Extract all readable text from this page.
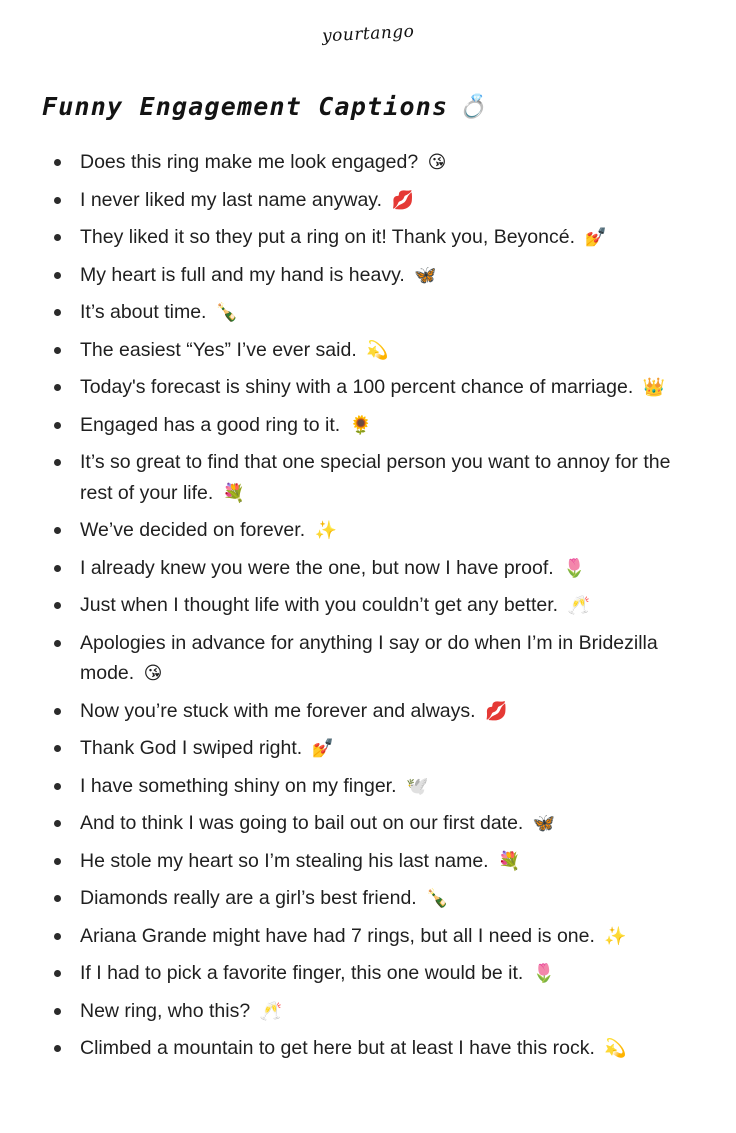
yourtango
Funny Engagement Captions 💍
Does this ring make me look engaged? 😘
I never liked my last name anyway. 💋
They liked it so they put a ring on it! Thank you, Beyoncé. 💅
My heart is full and my hand is heavy. 🦋
It’s about time. 🍾
The easiest “Yes” I’ve ever said. 💫
Today's forecast is shiny with a 100 percent chance of marriage. 👑
Engaged has a good ring to it. 🌻
It’s so great to find that one special person you want to annoy for the rest of your life. 💐
We’ve decided on forever. ✨
I already knew you were the one, but now I have proof. 🌷
Just when I thought life with you couldn’t get any better. 🥂
Apologies in advance for anything I say or do when I’m in Bridezilla mode. 😘
Now you’re stuck with me forever and always. 💋
Thank God I swiped right. 💅
I have something shiny on my finger. 🕊️
And to think I was going to bail out on our first date. 🦋
He stole my heart so I’m stealing his last name. 💐
Diamonds really are a girl’s best friend. 🍾
Ariana Grande might have had 7 rings, but all I need is one. ✨
If I had to pick a favorite finger, this one would be it. 🌷
New ring, who this? 🥂
Climbed a mountain to get here but at least I have this rock. 💫
